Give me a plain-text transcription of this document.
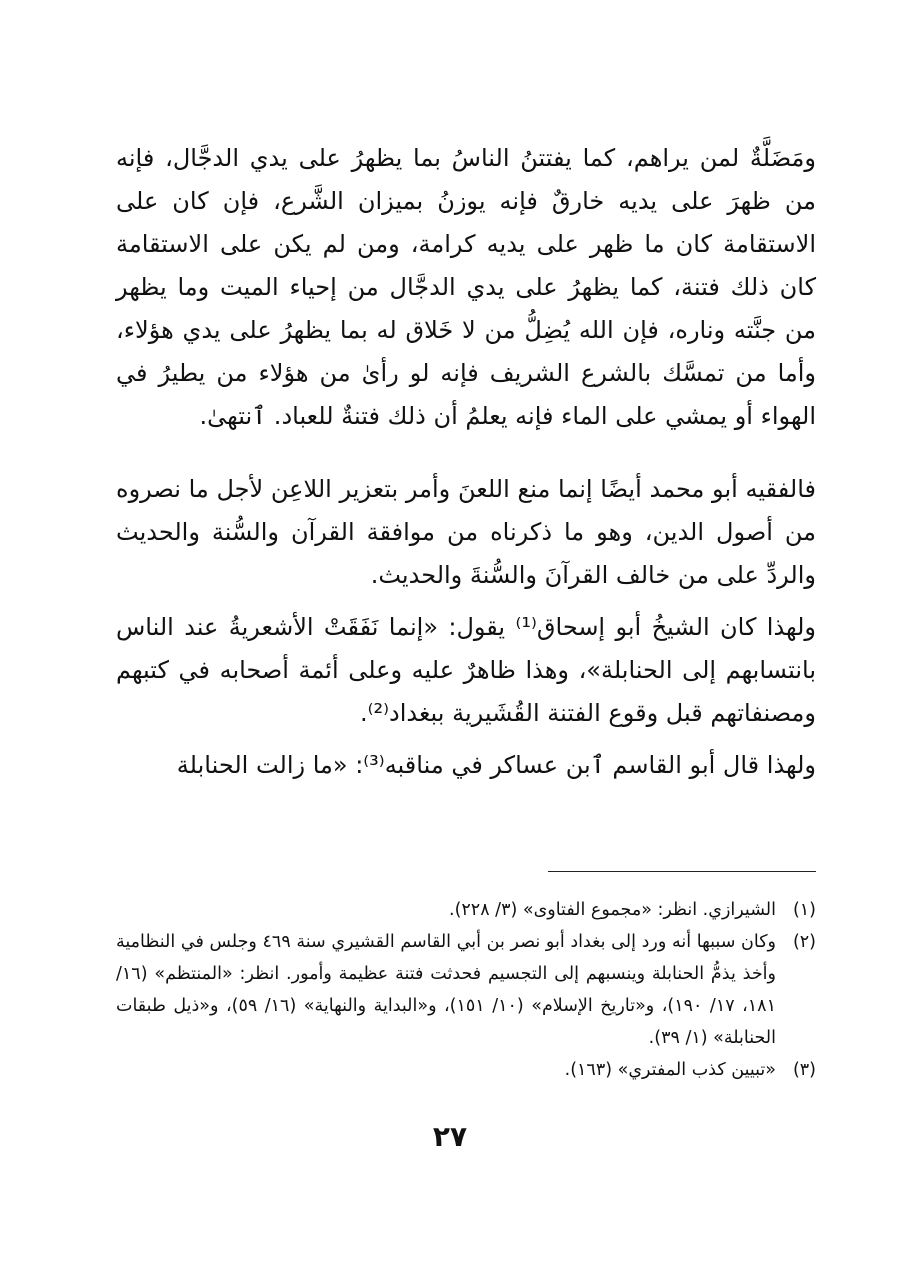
ومَضَلَّةٌ لمن يراهم، كما يفتتنُ الناسُ بما يظهرُ على يدي الدجَّال، فإنه من ظهرَ على يديه خارقٌ فإنه يوزنُ بميزان الشَّرع، فإن كان على الاستقامة كان ما ظهر على يديه كرامة، ومن لم يكن على الاستقامة كان ذلك فتنة، كما يظهرُ على يدي الدجَّال من إحياء الميت وما يظهر من جنَّته وناره، فإن الله يُضِلُّ من لا خَلاق له بما يظهرُ على يدي هؤلاء، وأما من تمسَّك بالشرع الشريف فإنه لو رأىٰ من هؤلاء من يطيرُ في الهواء أو يمشي على الماء فإنه يعلمُ أن ذلك فتنةٌ للعباد. ٱنتهىٰ.

فالفقيه أبو محمد أيضًا إنما منع اللعنَ وأمر بتعزير اللاعِن لأجل ما نصروه من أصول الدين، وهو ما ذكرناه من موافقة القرآن والسُّنة والحديث والردِّ على من خالف القرآنَ والسُّنةَ والحديث.

ولهذا كان الشيخُ أبو إسحاق⁽¹⁾ يقول: «إنما نَفَقَتْ الأشعريةُ عند الناس بانتسابهم إلى الحنابلة»، وهذا ظاهرٌ عليه وعلى أئمة أصحابه في كتبهم ومصنفاتهم قبل وقوع الفتنة القُشَيرية ببغداد⁽²⁾.

ولهذا قال أبو القاسم ٱبن عساكر في مناقبه⁽³⁾: «ما زالت الحنابلة

(١)
الشيرازي. انظر: «مجموع الفتاوى» (٣/ ٢٢٨).
(٢)
وكان سببها أنه ورد إلى بغداد أبو نصر بن أبي القاسم القشيري سنة ٤٦٩ وجلس في النظامية وأخذ يذمُّ الحنابلة وينسبهم إلى التجسيم فحدثت فتنة عظيمة وأمور. انظر: «المنتظم» (١٦/ ١٨١، ١٧/ ١٩٠)، و«تاريخ الإسلام» (١٠/ ١٥١)، و«البداية والنهاية» (١٦/ ٥٩)، و«ذيل طبقات الحنابلة» (١/ ٣٩).
(٣)
«تبيين كذب المفتري» (١٦٣).
٢٧
